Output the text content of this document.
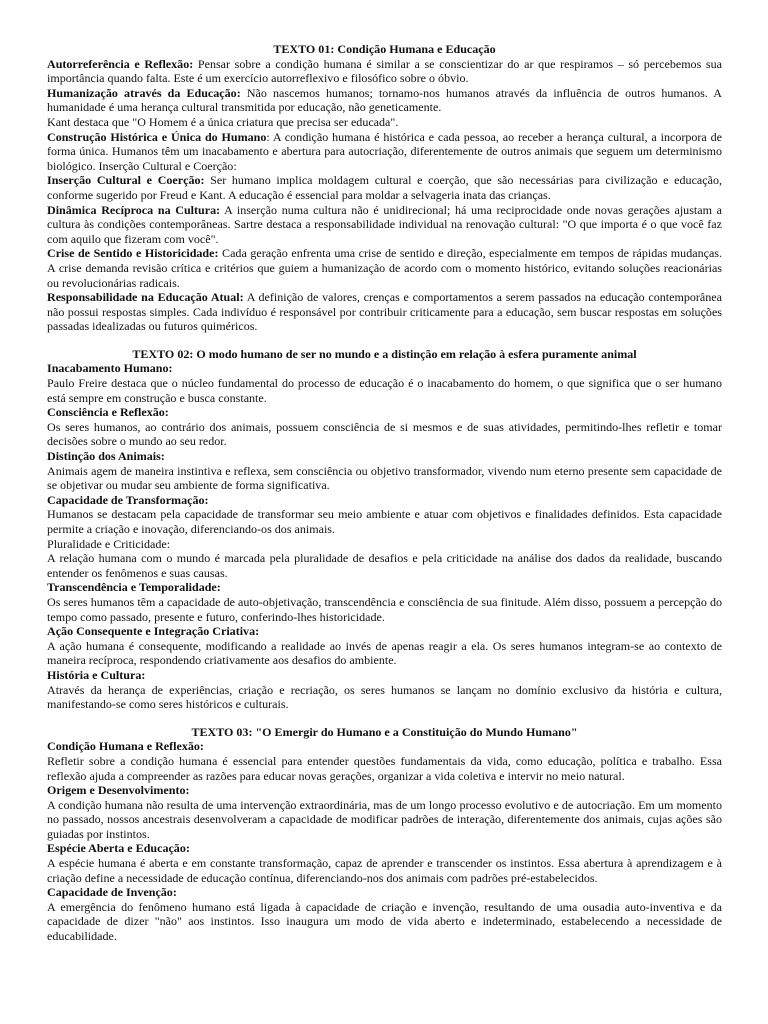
TEXTO 01: Condição Humana e Educação

Autorreferência e Reflexão: Pensar sobre a condição humana é similar a se conscientizar do ar que respiramos – só percebemos sua importância quando falta. Este é um exercício autorreflexivo e filosófico sobre o óbvio.

Humanização através da Educação: Não nascemos humanos; tornamo-nos humanos através da influência de outros humanos. A humanidade é uma herança cultural transmitida por educação, não geneticamente.

Kant destaca que "O Homem é a única criatura que precisa ser educada".

Construção Histórica e Única do Humano: A condição humana é histórica e cada pessoa, ao receber a herança cultural, a incorpora de forma única. Humanos têm um inacabamento e abertura para autocriação, diferentemente de outros animais que seguem um determinismo biológico. Inserção Cultural e Coerção:

Inserção Cultural e Coerção: Ser humano implica moldagem cultural e coerção, que são necessárias para civilização e educação, conforme sugerido por Freud e Kant. A educação é essencial para moldar a selvageria inata das crianças.

Dinâmica Recíproca na Cultura: A inserção numa cultura não é unidirecional; há uma reciprocidade onde novas gerações ajustam a cultura às condições contemporâneas. Sartre destaca a responsabilidade individual na renovação cultural: "O que importa é o que você faz com aquilo que fizeram com você".

Crise de Sentido e Historicidade: Cada geração enfrenta uma crise de sentido e direção, especialmente em tempos de rápidas mudanças. A crise demanda revisão crítica e critérios que guiem a humanização de acordo com o momento histórico, evitando soluções reacionárias ou revolucionárias radicais.

Responsabilidade na Educação Atual: A definição de valores, crenças e comportamentos a serem passados na educação contemporânea não possui respostas simples. Cada indivíduo é responsável por contribuir criticamente para a educação, sem buscar respostas em soluções passadas idealizadas ou futuros quiméricos.

TEXTO 02: O modo humano de ser no mundo e a distinção em relação à esfera puramente animal

Inacabamento Humano:

Paulo Freire destaca que o núcleo fundamental do processo de educação é o inacabamento do homem, o que significa que o ser humano está sempre em construção e busca constante.

Consciência e Reflexão:

Os seres humanos, ao contrário dos animais, possuem consciência de si mesmos e de suas atividades, permitindo-lhes refletir e tomar decisões sobre o mundo ao seu redor.

Distinção dos Animais:

Animais agem de maneira instintiva e reflexa, sem consciência ou objetivo transformador, vivendo num eterno presente sem capacidade de se objetivar ou mudar seu ambiente de forma significativa.

Capacidade de Transformação:

Humanos se destacam pela capacidade de transformar seu meio ambiente e atuar com objetivos e finalidades definidos. Esta capacidade permite a criação e inovação, diferenciando-os dos animais.

Pluralidade e Criticidade:

A relação humana com o mundo é marcada pela pluralidade de desafios e pela criticidade na análise dos dados da realidade, buscando entender os fenômenos e suas causas.

Transcendência e Temporalidade:

Os seres humanos têm a capacidade de auto-objetivação, transcendência e consciência de sua finitude. Além disso, possuem a percepção do tempo como passado, presente e futuro, conferindo-lhes historicidade.

Ação Consequente e Integração Criativa:

A ação humana é consequente, modificando a realidade ao invés de apenas reagir a ela. Os seres humanos integram-se ao contexto de maneira recíproca, respondendo criativamente aos desafios do ambiente.

História e Cultura:

Através da herança de experiências, criação e recriação, os seres humanos se lançam no domínio exclusivo da história e cultura, manifestando-se como seres históricos e culturais.

TEXTO 03: "O Emergir do Humano e a Constituição do Mundo Humano"

Condição Humana e Reflexão:

Refletir sobre a condição humana é essencial para entender questões fundamentais da vida, como educação, política e trabalho. Essa reflexão ajuda a compreender as razões para educar novas gerações, organizar a vida coletiva e intervir no meio natural.

Origem e Desenvolvimento:

A condição humana não resulta de uma intervenção extraordinária, mas de um longo processo evolutivo e de autocriação. Em um momento no passado, nossos ancestrais desenvolveram a capacidade de modificar padrões de interação, diferentemente dos animais, cujas ações são guiadas por instintos.

Espécie Aberta e Educação:

A espécie humana é aberta e em constante transformação, capaz de aprender e transcender os instintos. Essa abertura à aprendizagem e à criação define a necessidade de educação contínua, diferenciando-nos dos animais com padrões pré-estabelecidos.

Capacidade de Invenção:

A emergência do fenômeno humano está ligada à capacidade de criação e invenção, resultando de uma ousadia auto-inventiva e da capacidade de dizer "não" aos instintos. Isso inaugura um modo de vida aberto e indeterminado, estabelecendo a necessidade de educabilidade.
